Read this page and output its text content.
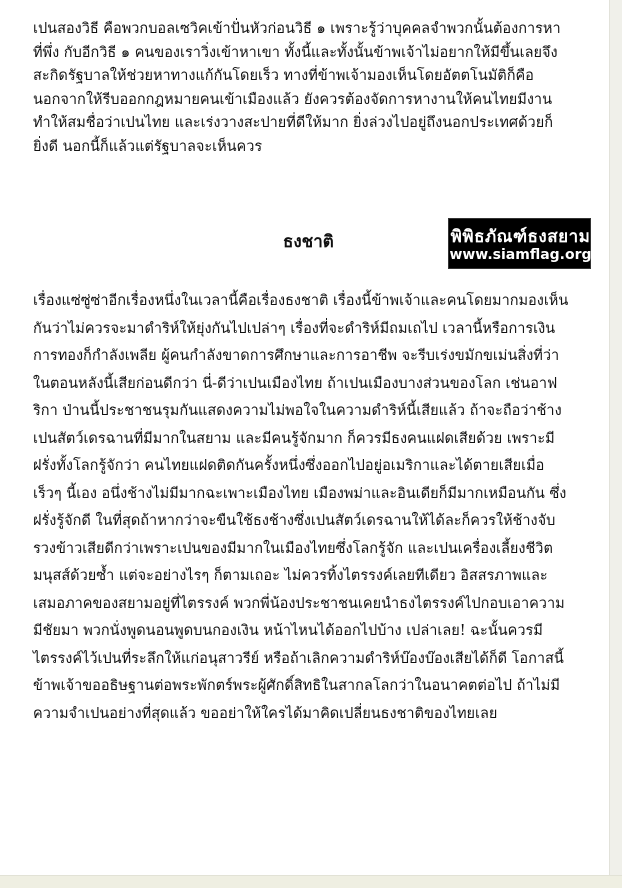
เปนสองวิธี คือพวกบอลเซวิคเข้าปั่นหัวก่อนวิธี ๑ เพราะรู้ว่าบุคคลจำพวกนั้นต้องการหา
ที่พึ่ง กับอีกวิธี ๑ คนของเราวิ่งเข้าหาเขา ทั้งนี้และทั้งนั้นข้าพเจ้าไม่อยากให้มีขึ้นเลยจึง
สะกิดรัฐบาลให้ช่วยหาทางแก้กันโดยเร็ว ทางที่ข้าพเจ้ามองเห็นโดยอัตตโนมัติก็คือ
นอกจากให้รีบออกกฎหมายคนเข้าเมืองแล้ว ยังควรต้องจัดการหางานให้คนไทยมีงาน
ทำให้สมชื่อว่าเปนไทย และเร่งวางสะปายที่ดีให้มาก ยิ่งล่วงไปอยู่ถึงนอกประเทศด้วยก็
ยิ่งดี นอกนี้ก็แล้วแต่รัฐบาลจะเห็นควร

ธงชาติ	พิพิธภัณฑ์ธงสยาม
www.siamflag.org

เรื่องแซ่ซู่ซ่าอีกเรื่องหนึ่งในเวลานี้คือเรื่องธงชาติ เรื่องนี้ข้าพเจ้าและคนโดยมากมองเห็น
กันว่าไม่ควรจะมาดำริห์ให้ยุ่งกันไปเปล่าๆ เรื่องที่จะดำริห์มีถมเถไป เวลานี้หรือการเงิน
การทองก็กำลังเพลีย ผู้คนกำลังขาดการศึกษาและการอาชีพ จะรีบเร่งขมักขเม่นสิ่งที่ว่า
ในตอนหลังนี้เสียก่อนดีกว่า นี่-ดีว่าเปนเมืองไทย ถ้าเปนเมืองบางส่วนของโลก เช่นอาฟ
ริกา ป่านนี้ประชาชนรุมกันแสดงความไม่พอใจในความดำริห์นี้เสียแล้ว ถ้าจะถือว่าช้าง
เปนสัตว์เดรฉานที่มีมากในสยาม และมีคนรู้จักมาก ก็ควรมีธงคนแฝดเสียด้วย เพราะมี
ฝรั่งทั้งโลกรู้จักว่า คนไทยแฝดติดกันครั้งหนึ่งซึ่งออกไปอยู่อเมริกาและได้ตายเสียเมื่อ
เร็วๆ นี้เอง อนึ่งช้างไม่มีมากฉะเพาะเมืองไทย เมืองพม่าและอินเดียก็มีมากเหมือนกัน ซึ่ง
ฝรั่งรู้จักดี ในที่สุดถ้าหากว่าจะขืนใช้ธงช้างซึ่งเปนสัตว์เดรฉานให้ได้ละก็ควรให้ช้างจับ
รวงข้าวเสียดีกว่าเพราะเปนของมีมากในเมืองไทยซึ่งโลกรู้จัก และเปนเครื่องเลี้ยงชีวิต
มนุสส์ด้วยซ้ำ แต่จะอย่างไรๆ ก็ตามเถอะ ไม่ควรทิ้งไตรรงค์เลยทีเดียว อิสสรภาพและ
เสมอภาคของสยามอยู่ที่ไตรรงค์ พวกพี่น้องประชาชนเคยนำธงไตรรงค์ไปกอบเอาความ
มีชัยมา พวกนั่งพูดนอนพูดบนกองเงิน หน้าไหนได้ออกไปบ้าง เปล่าเลย! ฉะนั้นควรมี
ไตรรงค์ไว้เปนที่ระลึกให้แก่อนุสาวรีย์ หรือถ้าเลิกความดำริห์บ๊องบ๊องเสียได้ก็ดี โอกาสนี้
ข้าพเจ้าขออธิษฐานต่อพระพักตร์พระผู้ศักดิ์สิทธิในสากลโลกว่าในอนาคตต่อไป ถ้าไม่มี
ความจำเปนอย่างที่สุดแล้ว ขออย่าให้ใครได้มาคิดเปลี่ยนธงชาติของไทยเลย
